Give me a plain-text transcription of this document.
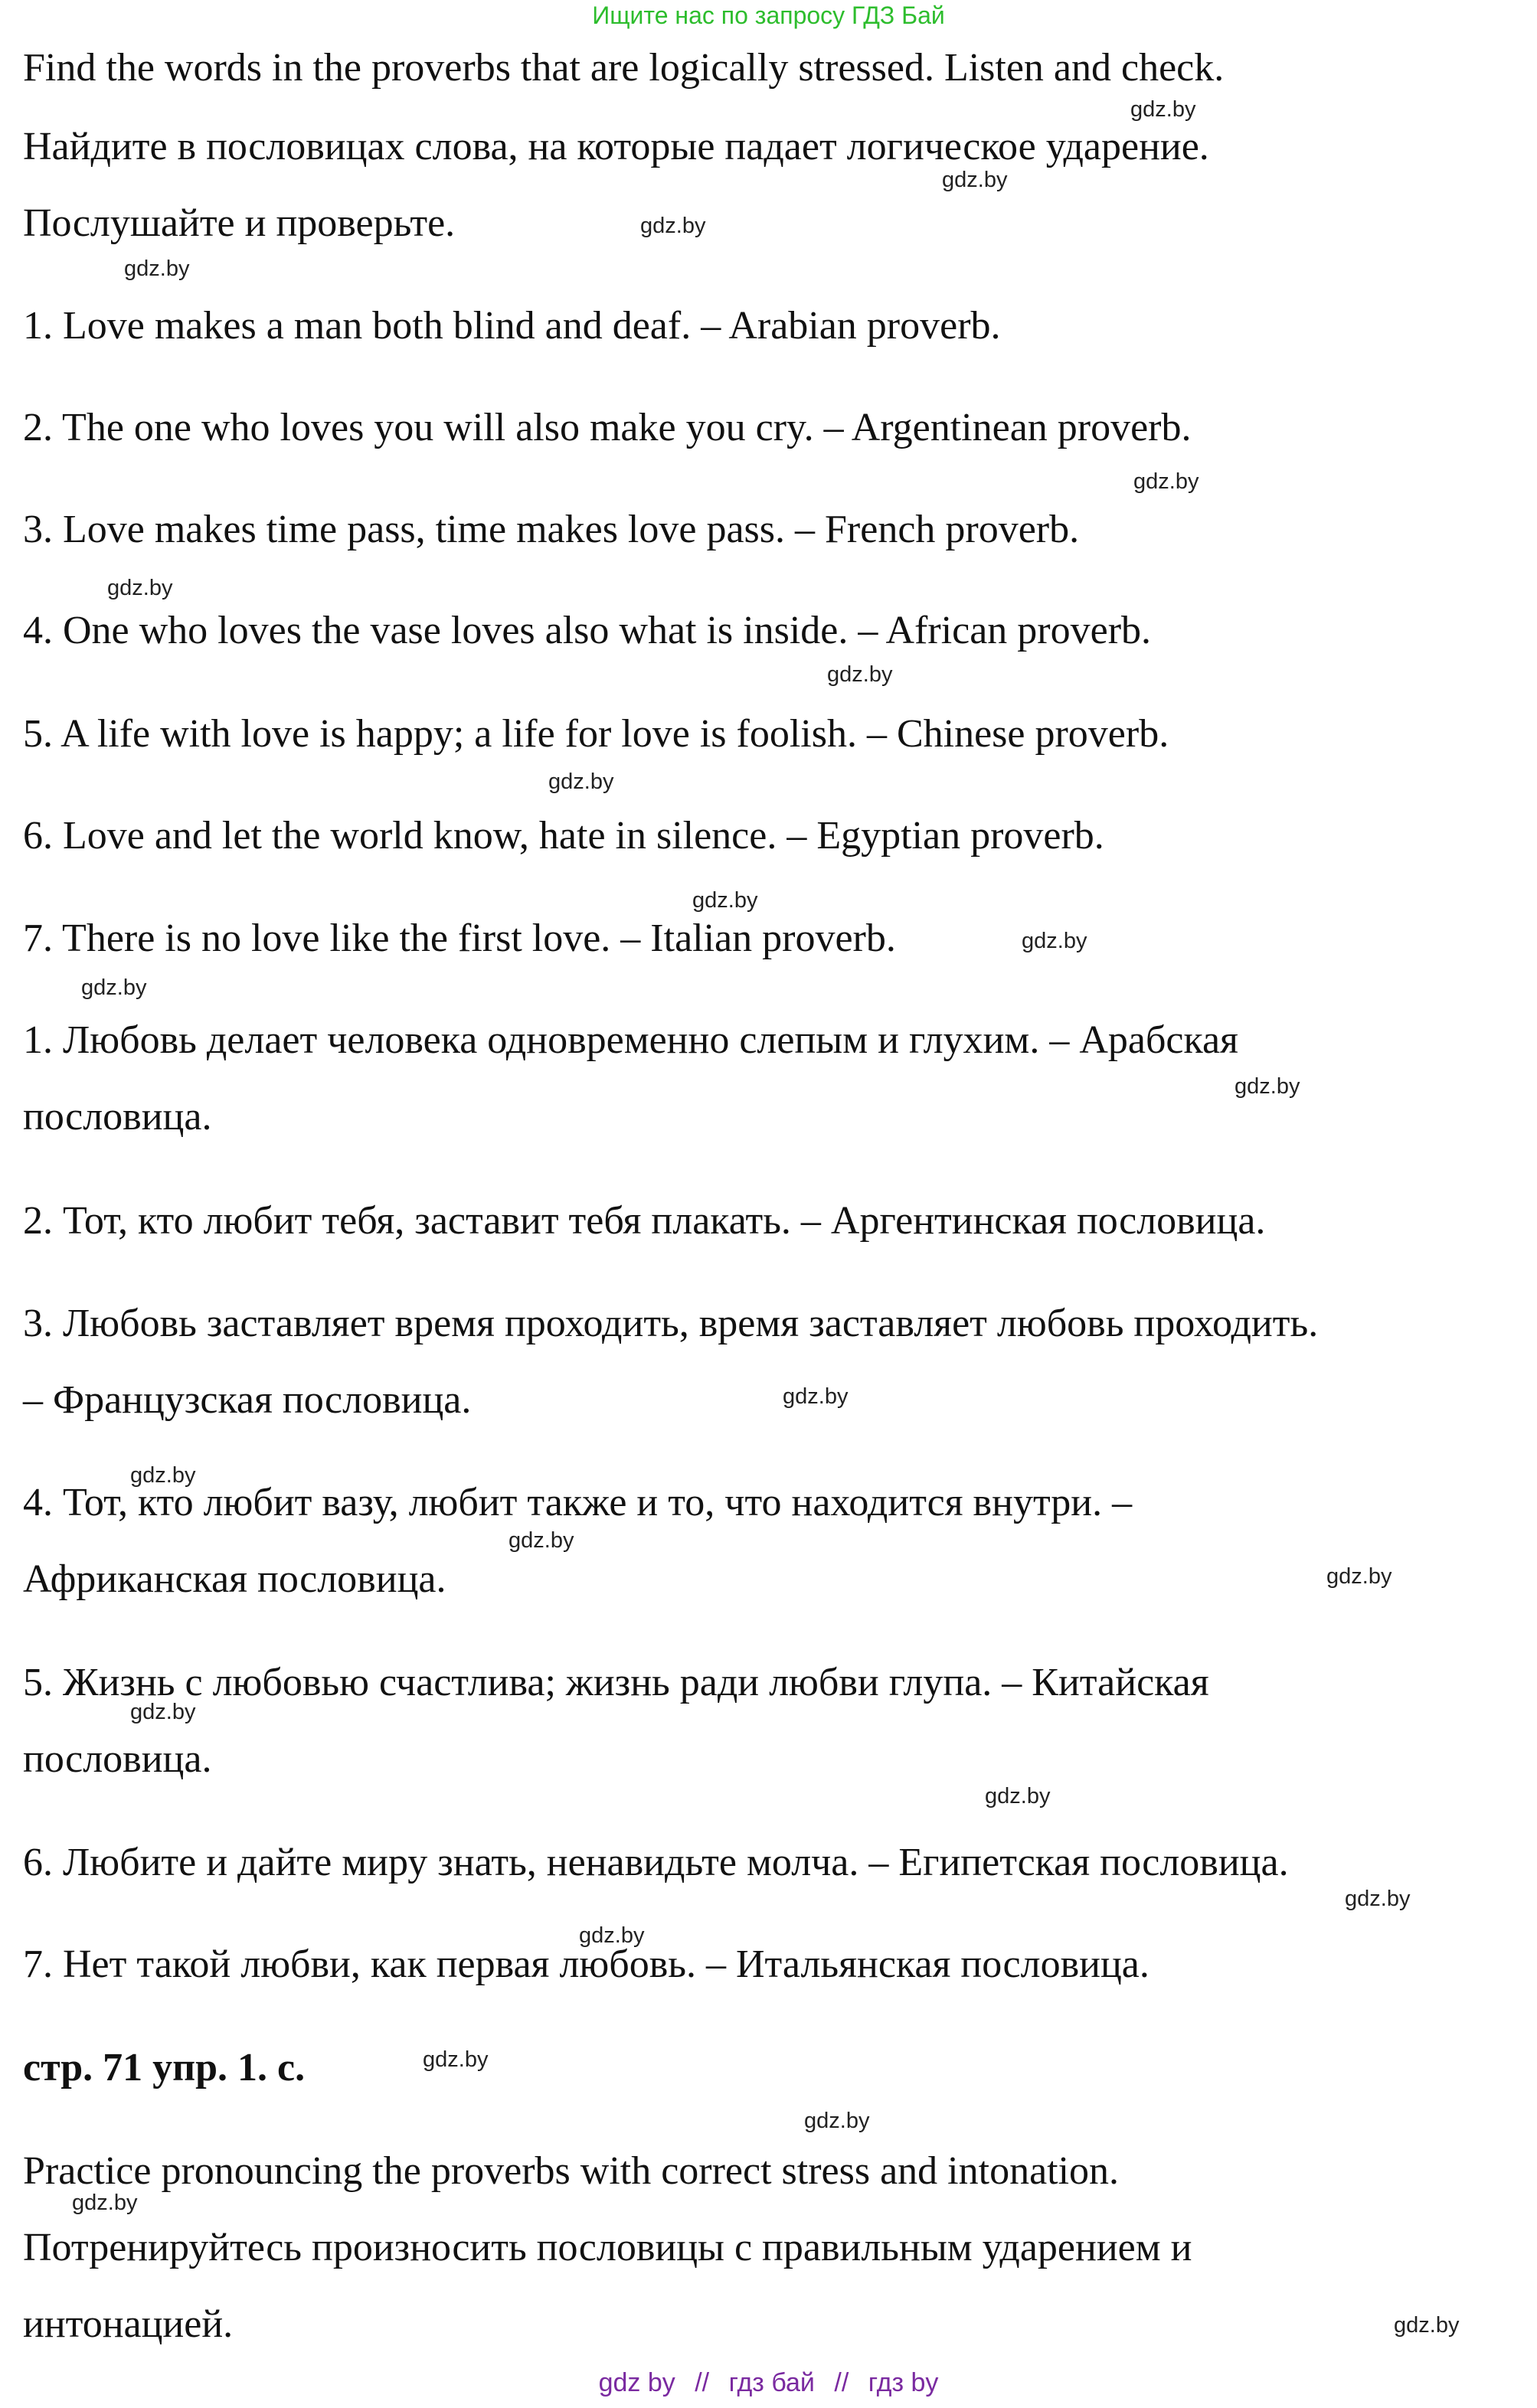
Ищите нас по запросу ГДЗ Бай
Find the words in the proverbs that are logically stressed. Listen and check.
Найдите в пословицах слова, на которые падает логическое ударение.
Послушайте и проверьте.
1. Love makes a man both blind and deaf. – Arabian proverb.
2. The one who loves you will also make you cry. – Argentinean proverb.
3. Love makes time pass, time makes love pass. – French proverb.
4. One who loves the vase loves also what is inside. – African proverb.
5. A life with love is happy; a life for love is foolish. – Chinese proverb.
6. Love and let the world know, hate in silence. – Egyptian proverb.
7. There is no love like the first love. – Italian proverb.
1. Любовь делает человека одновременно слепым и глухим. – Арабская
пословица.
2. Тот, кто любит тебя, заставит тебя плакать. – Аргентинская пословица.
3. Любовь заставляет время проходить, время заставляет любовь проходить.
– Французская пословица.
4. Тот, кто любит вазу, любит также и то, что находится внутри. –
Африканская пословица.
5. Жизнь с любовью счастлива; жизнь ради любви глупа. – Китайская
пословица.
6. Любите и дайте миру знать, ненавидьте молча. – Египетская пословица.
7. Нет такой любви, как первая любовь. – Итальянская пословица.
стр. 71 упр. 1. с.
Practice pronouncing the proverbs with correct stress and intonation.
Потренируйтесь произносить пословицы с правильным ударением и
интонацией.
gdz.by
gdz.by
gdz.by
gdz.by
gdz.by
gdz.by
gdz.by
gdz.by
gdz.by
gdz.by
gdz.by
gdz.by
gdz.by
gdz.by
gdz.by
gdz.by
gdz.by
gdz.by
gdz.by
gdz.by
gdz.by
gdz.by
gdz.by
gdz.by
gdz by // гдз бай // гдз by
